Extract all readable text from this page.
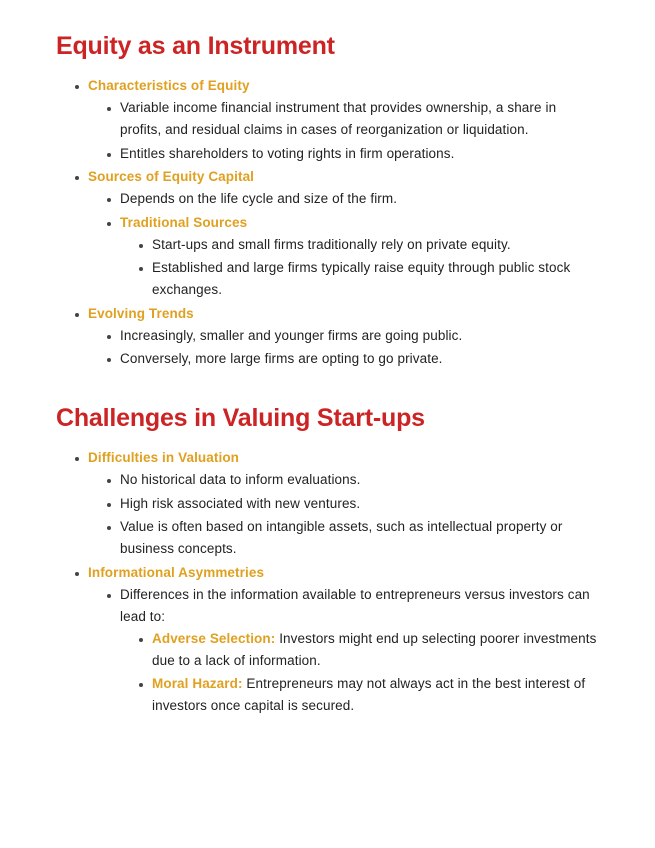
Equity as an Instrument
Characteristics of Equity
Variable income financial instrument that provides ownership, a share in profits, and residual claims in cases of reorganization or liquidation.
Entitles shareholders to voting rights in firm operations.
Sources of Equity Capital
Depends on the life cycle and size of the firm.
Traditional Sources
Start-ups and small firms traditionally rely on private equity.
Established and large firms typically raise equity through public stock exchanges.
Evolving Trends
Increasingly, smaller and younger firms are going public.
Conversely, more large firms are opting to go private.
Challenges in Valuing Start-ups
Difficulties in Valuation
No historical data to inform evaluations.
High risk associated with new ventures.
Value is often based on intangible assets, such as intellectual property or business concepts.
Informational Asymmetries
Differences in the information available to entrepreneurs versus investors can lead to:
Adverse Selection: Investors might end up selecting poorer investments due to a lack of information.
Moral Hazard: Entrepreneurs may not always act in the best interest of investors once capital is secured.
